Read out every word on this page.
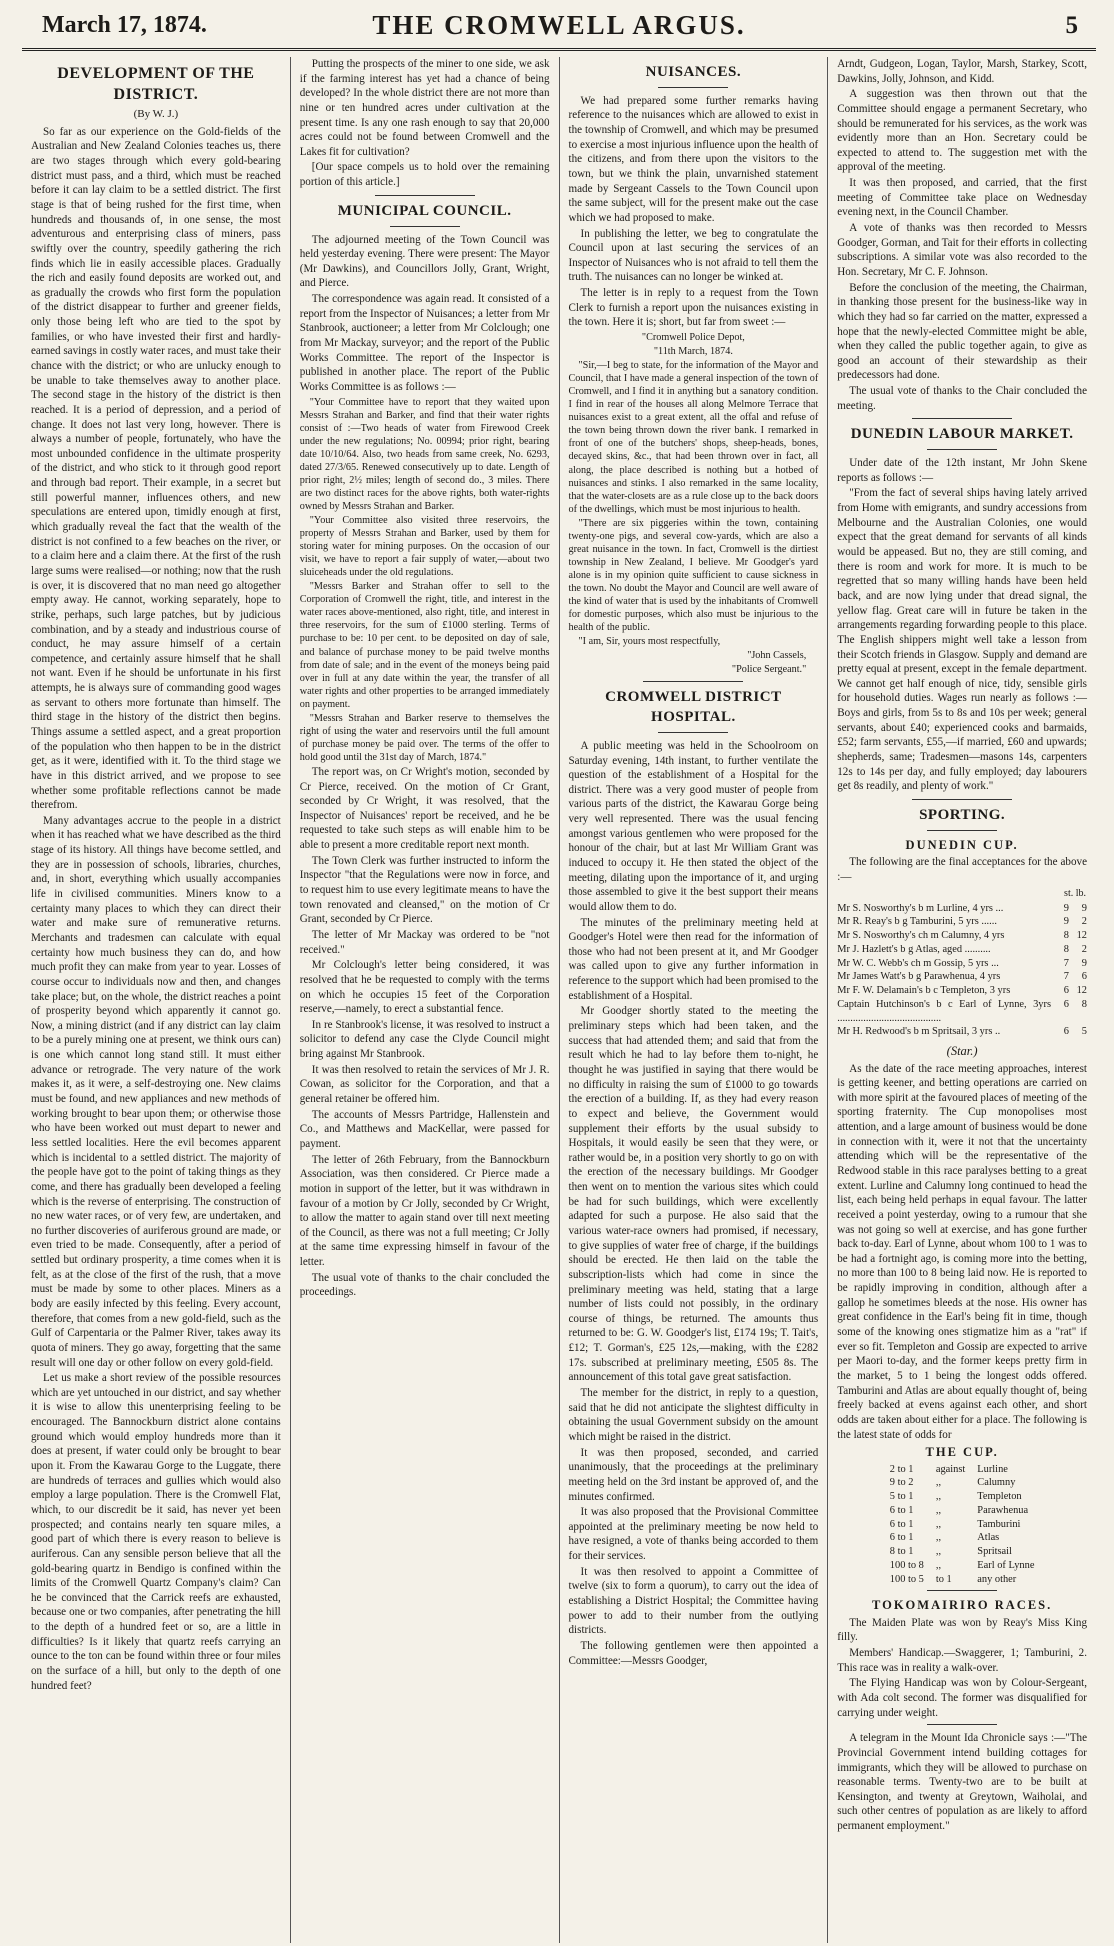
March 17, 1874.	THE CROMWELL ARGUS.	5
DEVELOPMENT OF THE DISTRICT.
(By W. J.)

So far as our experience on the Gold-fields of the Australian and New Zealand Colonies teaches us, there are two stages through which every gold-bearing district must pass, and a third, which must be reached before it can lay claim to be a settled district. The first stage is that of being rushed for the first time, when hundreds and thousands of, in one sense, the most adventurous and enterprising class of miners, pass swiftly over the country, speedily gathering the rich finds which lie in easily accessible places. Gradually the rich and easily found deposits are worked out, and as gradually the crowds who first form the population of the district disappear to further and greener fields, only those being left who are tied to the spot by families, or who have invested their first and hardly-earned savings in costly water races, and must take their chance with the district; or who are unlucky enough to be unable to take themselves away to another place. The second stage in the history of the district is then reached. It is a period of depression, and a period of change. It does not last very long, however. There is always a number of people, fortunately, who have the most unbounded confidence in the ultimate prosperity of the district, and who stick to it through good report and through bad report. Their example, in a secret but still powerful manner, influences others, and new speculations are entered upon, timidly enough at first, which gradually reveal the fact that the wealth of the district is not confined to a few beaches on the river, or to a claim here and a claim there. At the first of the rush large sums were realised—or nothing; now that the rush is over, it is discovered that no man need go altogether empty away. He cannot, working separately, hope to strike, perhaps, such large patches, but by judicious combination, and by a steady and industrious course of conduct, he may assure himself of a certain competence, and certainly assure himself that he shall not want. Even if he should be unfortunate in his first attempts, he is always sure of commanding good wages as servant to others more fortunate than himself. The third stage in the history of the district then begins. Things assume a settled aspect, and a great proportion of the population who then happen to be in the district get, as it were, identified with it. To the third stage we have in this district arrived, and we propose to see whether some profitable reflections cannot be made therefrom.

Many advantages accrue to the people in a district when it has reached what we have described as the third stage of its history. All things have become settled, and they are in possession of schools, libraries, churches, and, in short, everything which usually accompanies life in civilised communities. Miners know to a certainty many places to which they can direct their water and make sure of remunerative returns. Merchants and tradesmen can calculate with equal certainty how much business they can do, and how much profit they can make from year to year. Losses of course occur to individuals now and then, and changes take place; but, on the whole, the district reaches a point of prosperity beyond which apparently it cannot go. Now, a mining district (and if any district can lay claim to be a purely mining one at present, we think ours can) is one which cannot long stand still. It must either advance or retrograde. The very nature of the work makes it, as it were, a self-destroying one. New claims must be found, and new appliances and new methods of working brought to bear upon them; or otherwise those who have been worked out must depart to newer and less settled localities. Here the evil becomes apparent which is incidental to a settled district. The majority of the people have got to the point of taking things as they come, and there has gradually been developed a feeling which is the reverse of enterprising. The construction of no new water races, or of very few, are undertaken, and no further discoveries of auriferous ground are made, or even tried to be made. Consequently, after a period of settled but ordinary prosperity, a time comes when it is felt, as at the close of the first of the rush, that a move must be made by some to other places. Miners as a body are easily infected by this feeling. Every account, therefore, that comes from a new gold-field, such as the Gulf of Carpentaria or the Palmer River, takes away its quota of miners. They go away, forgetting that the same result will one day or other follow on every gold-field.

Let us make a short review of the possible resources which are yet untouched in our district, and say whether it is wise to allow this unenterprising feeling to be encouraged. The Bannockburn district alone contains ground which would employ hundreds more than it does at present, if water could only be brought to bear upon it. From the Kawarau Gorge to the Luggate, there are hundreds of terraces and gullies which would also employ a large population. There is the Cromwell Flat, which, to our discredit be it said, has never yet been prospected; and contains nearly ten square miles, a good part of which there is every reason to believe is auriferous. Can any sensible person believe that all the gold-bearing quartz in Bendigo is confined within the limits of the Cromwell Quartz Company's claim? Can he be convinced that the Carrick reefs are exhausted, because one or two companies, after penetrating the hill to the depth of a hundred feet or so, are a little in difficulties? Is it likely that quartz reefs carrying an ounce to the ton can be found within three or four miles on the surface of a hill, but only to the depth of one hundred feet?

Putting the prospects of the miner to one side, we ask if the farming interest has yet had a chance of being developed? In the whole district there are not more than nine or ten hundred acres under cultivation at the present time. Is any one rash enough to say that 20,000 acres could not be found between Cromwell and the Lakes fit for cultivation?

[Our space compels us to hold over the remaining portion of this article.]

MUNICIPAL COUNCIL.

The adjourned meeting of the Town Council was held yesterday evening. There were present: The Mayor (Mr Dawkins), and Councillors Jolly, Grant, Wright, and Pierce.

The correspondence was again read. It consisted of a report from the Inspector of Nuisances; a letter from Mr Stanbrook, auctioneer; a letter from Mr Colclough; one from Mr Mackay, surveyor; and the report of the Public Works Committee. The report of the Inspector is published in another place. The report of the Public Works Committee is as follows :—

"Your Committee have to report that they waited upon Messrs Strahan and Barker, and find that their water rights consist of :—Two heads of water from Firewood Creek under the new regulations; No. 00994; prior right, bearing date 10/10/64. Also, two heads from same creek, No. 6293, dated 27/3/65. Renewed consecutively up to date. Length of prior right, 2½ miles; length of second do., 3 miles. There are two distinct races for the above rights, both water-rights owned by Messrs Strahan and Barker.

"Your Committee also visited three reservoirs, the property of Messrs Strahan and Barker, used by them for storing water for mining purposes. On the occasion of our visit, we have to report a fair supply of water,—about two sluiceheads under the old regulations.

"Messrs Barker and Strahan offer to sell to the Corporation of Cromwell the right, title, and interest in the water races above-mentioned, also right, title, and interest in three reservoirs, for the sum of £1000 sterling. Terms of purchase to be: 10 per cent. to be deposited on day of sale, and balance of purchase money to be paid twelve months from date of sale; and in the event of the moneys being paid over in full at any date within the year, the transfer of all water rights and other properties to be arranged immediately on payment.

"Messrs Strahan and Barker reserve to themselves the right of using the water and reservoirs until the full amount of purchase money be paid over. The terms of the offer to hold good until the 31st day of March, 1874."

The report was, on Cr Wright's motion, seconded by Cr Pierce, received. On the motion of Cr Grant, seconded by Cr Wright, it was resolved, that the Inspector of Nuisances' report be received, and he be requested to take such steps as will enable him to be able to present a more creditable report next month.

The Town Clerk was further instructed to inform the Inspector "that the Regulations were now in force, and to request him to use every legitimate means to have the town renovated and cleansed," on the motion of Cr Grant, seconded by Cr Pierce.

The letter of Mr Mackay was ordered to be "not received."

Mr Colclough's letter being considered, it was resolved that he be requested to comply with the terms on which he occupies 15 feet of the Corporation reserve,—namely, to erect a substantial fence.

In re Stanbrook's license, it was resolved to instruct a solicitor to defend any case the Clyde Council might bring against Mr Stanbrook.

It was then resolved to retain the services of Mr J. R. Cowan, as solicitor for the Corporation, and that a general retainer be offered him.

The accounts of Messrs Partridge, Hallenstein and Co., and Matthews and MacKellar, were passed for payment.

The letter of 26th February, from the Bannockburn Association, was then considered. Cr Pierce made a motion in support of the letter, but it was withdrawn in favour of a motion by Cr Jolly, seconded by Cr Wright, to allow the matter to again stand over till next meeting of the Council, as there was not a full meeting; Cr Jolly at the same time expressing himself in favour of the letter.

The usual vote of thanks to the chair concluded the proceedings.

NUISANCES.

We had prepared some further remarks having reference to the nuisances which are allowed to exist in the township of Cromwell, and which may be presumed to exercise a most injurious influence upon the health of the citizens, and from there upon the visitors to the town, but we think the plain, unvarnished statement made by Sergeant Cassels to the Town Council upon the same subject, will for the present make out the case which we had proposed to make.

In publishing the letter, we beg to congratulate the Council upon at last securing the services of an Inspector of Nuisances who is not afraid to tell them the truth. The nuisances can no longer be winked at.

The letter is in reply to a request from the Town Clerk to furnish a report upon the nuisances existing in the town. Here it is; short, but far from sweet :—

"Cromwell Police Depot,

"11th March, 1874.

"Sir,—I beg to state, for the information of the Mayor and Council, that I have made a general inspection of the town of Cromwell, and I find it in anything but a sanatory condition. I find in rear of the houses all along Melmore Terrace that nuisances exist to a great extent, all the offal and refuse of the town being thrown down the river bank. I remarked in front of one of the butchers' shops, sheep-heads, bones, decayed skins, &c., that had been thrown over in fact, all along, the place described is nothing but a hotbed of nuisances and stinks. I also remarked in the same locality, that the water-closets are as a rule close up to the back doors of the dwellings, which must be most injurious to health.

"There are six piggeries within the town, containing twenty-one pigs, and several cow-yards, which are also a great nuisance in the town. In fact, Cromwell is the dirtiest township in New Zealand, I believe. Mr Goodger's yard alone is in my opinion quite sufficient to cause sickness in the town. No doubt the Mayor and Council are well aware of the kind of water that is used by the inhabitants of Cromwell for domestic purposes, which also must be injurious to the health of the public.

"I am, Sir, yours most respectfully,

"John Cassels,

"Police Sergeant."

CROMWELL DISTRICT HOSPITAL.

A public meeting was held in the Schoolroom on Saturday evening, 14th instant, to further ventilate the question of the establishment of a Hospital for the district. There was a very good muster of people from various parts of the district, the Kawarau Gorge being very well represented. There was the usual fencing amongst various gentlemen who were proposed for the honour of the chair, but at last Mr William Grant was induced to occupy it. He then stated the object of the meeting, dilating upon the importance of it, and urging those assembled to give it the best support their means would allow them to do.

The minutes of the preliminary meeting held at Goodger's Hotel were then read for the information of those who had not been present at it, and Mr Goodger was called upon to give any further information in reference to the support which had been promised to the establishment of a Hospital.

Mr Goodger shortly stated to the meeting the preliminary steps which had been taken, and the success that had attended them; and said that from the result which he had to lay before them to-night, he thought he was justified in saying that there would be no difficulty in raising the sum of £1000 to go towards the erection of a building. If, as they had every reason to expect and believe, the Government would supplement their efforts by the usual subsidy to Hospitals, it would easily be seen that they were, or rather would be, in a position very shortly to go on with the erection of the necessary buildings. Mr Goodger then went on to mention the various sites which could be had for such buildings, which were excellently adapted for such a purpose. He also said that the various water-race owners had promised, if necessary, to give supplies of water free of charge, if the buildings should be erected. He then laid on the table the subscription-lists which had come in since the preliminary meeting was held, stating that a large number of lists could not possibly, in the ordinary course of things, be returned. The amounts thus returned to be: G. W. Goodger's list, £174 19s; T. Tait's, £12; T. Gorman's, £25 12s,—making, with the £282 17s. subscribed at preliminary meeting, £505 8s. The announcement of this total gave great satisfaction.

The member for the district, in reply to a question, said that he did not anticipate the slightest difficulty in obtaining the usual Government subsidy on the amount which might be raised in the district.

It was then proposed, seconded, and carried unanimously, that the proceedings at the preliminary meeting held on the 3rd instant be approved of, and the minutes confirmed.

It was also proposed that the Provisional Committee appointed at the preliminary meeting be now held to have resigned, a vote of thanks being accorded to them for their services.

It was then resolved to appoint a Committee of twelve (six to form a quorum), to carry out the idea of establishing a District Hospital; the Committee having power to add to their number from the outlying districts.

The following gentlemen were then appointed a Committee:—Messrs Goodger,

Arndt, Gudgeon, Logan, Taylor, Marsh, Starkey, Scott, Dawkins, Jolly, Johnson, and Kidd.

A suggestion was then thrown out that the Committee should engage a permanent Secretary, who should be remunerated for his services, as the work was evidently more than an Hon. Secretary could be expected to attend to. The suggestion met with the approval of the meeting.

It was then proposed, and carried, that the first meeting of Committee take place on Wednesday evening next, in the Council Chamber.

A vote of thanks was then recorded to Messrs Goodger, Gorman, and Tait for their efforts in collecting subscriptions. A similar vote was also recorded to the Hon. Secretary, Mr C. F. Johnson.

Before the conclusion of the meeting, the Chairman, in thanking those present for the business-like way in which they had so far carried on the matter, expressed a hope that the newly-elected Committee might be able, when they called the public together again, to give as good an account of their stewardship as their predecessors had done.

The usual vote of thanks to the Chair concluded the meeting.

DUNEDIN LABOUR MARKET.

Under date of the 12th instant, Mr John Skene reports as follows :—

"From the fact of several ships having lately arrived from Home with emigrants, and sundry accessions from Melbourne and the Australian Colonies, one would expect that the great demand for servants of all kinds would be appeased. But no, they are still coming, and there is room and work for more. It is much to be regretted that so many willing hands have been held back, and are now lying under that dread signal, the yellow flag. Great care will in future be taken in the arrangements regarding forwarding people to this place. The English shippers might well take a lesson from their Scotch friends in Glasgow. Supply and demand are pretty equal at present, except in the female department. We cannot get half enough of nice, tidy, sensible girls for household duties. Wages run nearly as follows :—Boys and girls, from 5s to 8s and 10s per week; general servants, about £40; experienced cooks and barmaids, £52; farm servants, £55,—if married, £60 and upwards; shepherds, same; Tradesmen—masons 14s, carpenters 12s to 14s per day, and fully employed; day labourers get 8s readily, and plenty of work."

SPORTING.
DUNEDIN CUP.

The following are the final acceptances for the above :—

st. lb.		
Mr S. Nosworthy's b m Lurline, 4 yrs ...	9	9
Mr R. Reay's b g Tamburini, 5 yrs ......	9	2
Mr S. Nosworthy's ch m Calumny, 4 yrs	8	12
Mr J. Hazlett's b g Atlas, aged ..........	8	2
Mr W. C. Webb's ch m Gossip, 5 yrs ...	7	9
Mr James Watt's b g Parawhenua, 4 yrs	7	6
Mr F. W. Delamain's b c Templeton, 3 yrs	6	12
Captain Hutchinson's b c Earl of Lynne, 3yrs ........................................	6	8
Mr H. Redwood's b m Spritsail, 3 yrs ..	6	5
(Star.)

As the date of the race meeting approaches, interest is getting keener, and betting operations are carried on with more spirit at the favoured places of meeting of the sporting fraternity. The Cup monopolises most attention, and a large amount of business would be done in connection with it, were it not that the uncertainty attending which will be the representative of the Redwood stable in this race paralyses betting to a great extent. Lurline and Calumny long continued to head the list, each being held perhaps in equal favour. The latter received a point yesterday, owing to a rumour that she was not going so well at exercise, and has gone further back to-day. Earl of Lynne, about whom 100 to 1 was to be had a fortnight ago, is coming more into the betting, no more than 100 to 8 being laid now. He is reported to be rapidly improving in condition, although after a gallop he sometimes bleeds at the nose. His owner has great confidence in the Earl's being fit in time, though some of the knowing ones stigmatize him as a "rat" if ever so fit. Templeton and Gossip are expected to arrive per Maori to-day, and the former keeps pretty firm in the market, 5 to 1 being the longest odds offered. Tamburini and Atlas are about equally thought of, being freely backed at evens against each other, and short odds are taken about either for a place. The following is the latest state of odds for

THE CUP.
2 to 1	against	Lurline
9 to 2	,,	Calumny
5 to 1	,,	Templeton
6 to 1	,,	Parawhenua
6 to 1	,,	Tamburini
6 to 1	,,	Atlas
8 to 1	,,	Spritsail
100 to 8	,,	Earl of Lynne
100 to 5	to 1	any other
TOKOMAIRIRO RACES.

The Maiden Plate was won by Reay's Miss King filly.

Members' Handicap.—Swaggerer, 1; Tamburini, 2. This race was in reality a walk-over.

The Flying Handicap was won by Colour-Sergeant, with Ada colt second. The former was disqualified for carrying under weight.

A telegram in the Mount Ida Chronicle says :—"The Provincial Government intend building cottages for immigrants, which they will be allowed to purchase on reasonable terms. Twenty-two are to be built at Kensington, and twenty at Greytown, Waiholai, and such other centres of population as are likely to afford permanent employment."
